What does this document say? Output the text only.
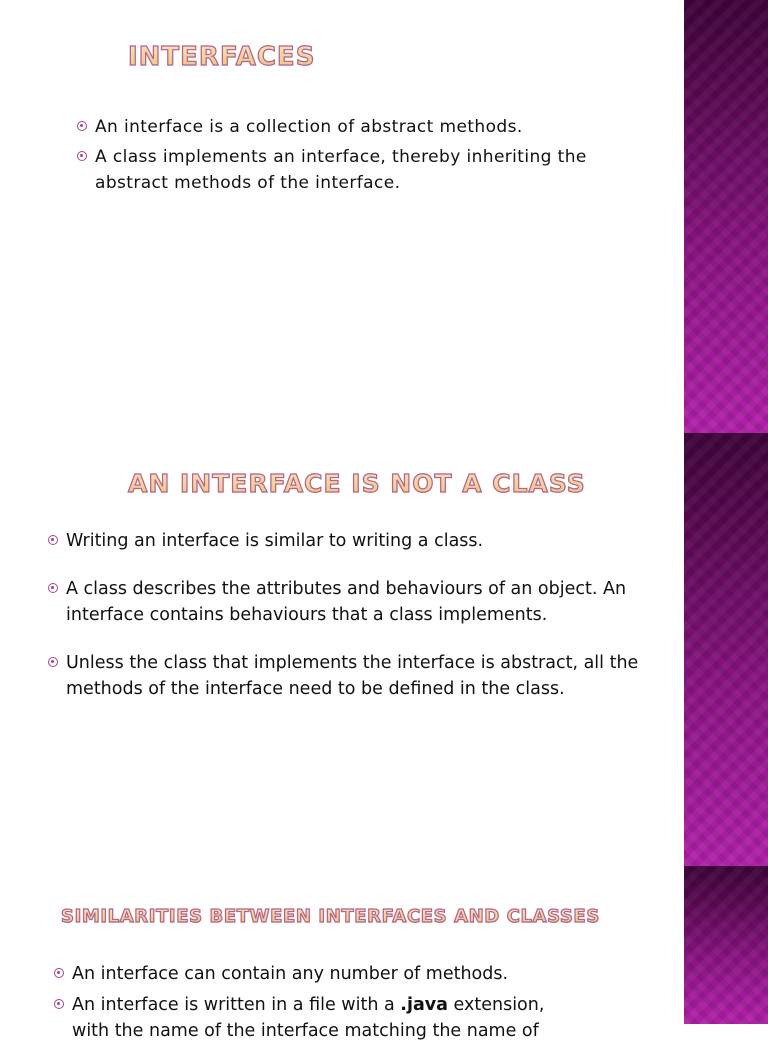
INTERFACES
An interface is a collection of abstract methods.
A class implements an interface, thereby inheriting the abstract methods of the interface.
AN INTERFACE IS NOT A CLASS
Writing an interface is similar to writing a class.
A class describes the attributes and behaviours of an object. An interface contains behaviours that a class implements.
Unless the class that implements the interface is abstract, all the methods of the interface need to be defined in the class.
SIMILARITIES BETWEEN INTERFACES AND CLASSES
An interface can contain any number of methods.
An interface is written in a file with a .java extension,
with the name of the interface matching the name of
